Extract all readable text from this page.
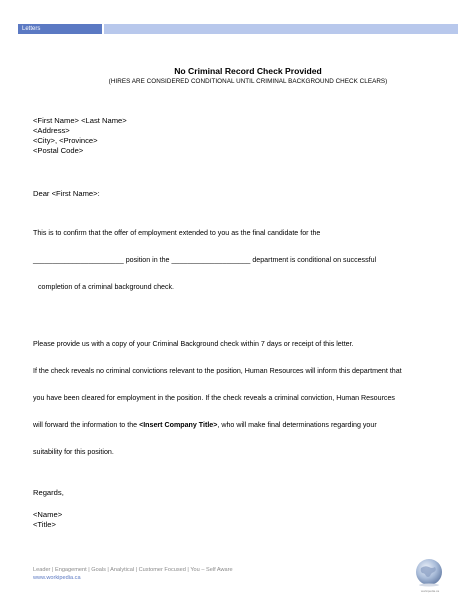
Letters
No Criminal Record Check Provided
(HIRES ARE CONSIDERED CONDITIONAL UNTIL CRIMINAL BACKGROUND CHECK CLEARS)
<First Name> <Last Name>
<Address>
<City>, <Province>
<Postal Code>
Dear <First Name>:

This is to confirm that the offer of employment extended to you as the final candidate for the

_______________________ position in the ____________________ department is conditional on successful

completion of a criminal background check.

Please provide us with a copy of your Criminal Background check within 7 days or receipt of this letter.

If the check reveals no criminal convictions relevant to the position, Human Resources will inform this department that

you have been cleared for employment in the position. If the check reveals a criminal conviction, Human Resources

will forward the information to the <Insert Company Title>, who will make final determinations regarding your

suitability for this position.

Regards,
<Name>
<Title>
Leader | Engagement | Goals | Analytical | Customer Focused | You – Self Aware
www.workipedia.ca
workipedia.ca
